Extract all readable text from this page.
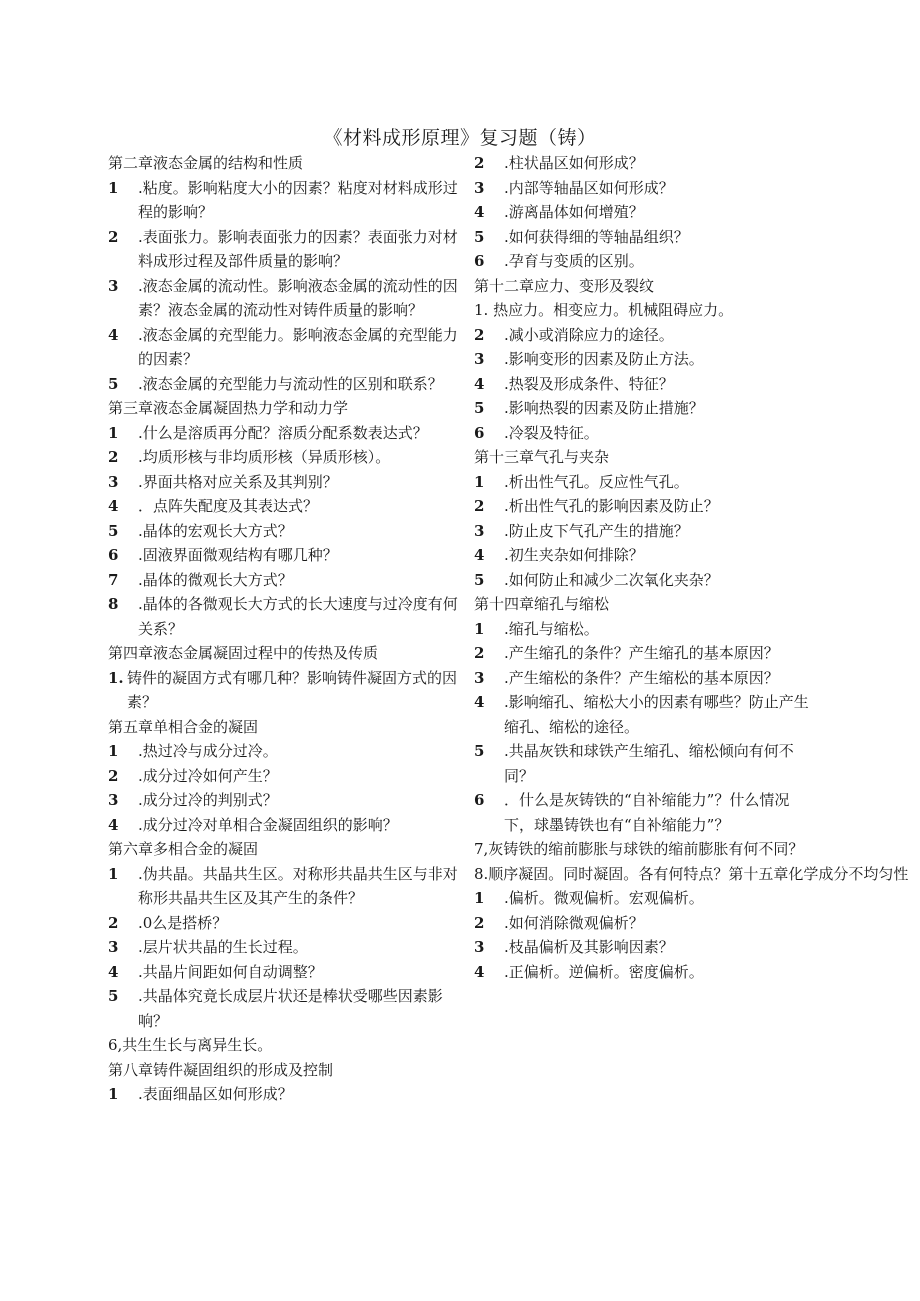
《材料成形原理》复习题（铸）
第二章液态金属的结构和性质
1 .粘度。影响粘度大小的因素？粘度对材料成形过程的影响？
2 .表面张力。影响表面张力的因素？表面张力对材料成形过程及部件质量的影响？
3 .液态金属的流动性。影响液态金属的流动性的因素？液态金属的流动性对铸件质量的影响？
4 .液态金属的充型能力。影响液态金属的充型能力的因素？
5 .液态金属的充型能力与流动性的区别和联系？
第三章液态金属凝固热力学和动力学
1 .什么是溶质再分配？溶质分配系数表达式？
2 .均质形核与非均质形核（异质形核）。
3 .界面共格对应关系及其判别？
4 ．点阵失配度及其表达式？
5 .晶体的宏观长大方式？
6 .固液界面微观结构有哪几种？
7 .晶体的微观长大方式？
8 .晶体的各微观长大方式的长大速度与过冷度有何关系？
第四章液态金属凝固过程中的传热及传质
1. 铸件的凝固方式有哪几种？影响铸件凝固方式的因素？
第五章单相合金的凝固
1 .热过冷与成分过冷。
2 .成分过冷如何产生？
3 .成分过冷的判别式？
4 .成分过冷对单相合金凝固组织的影响？
第六章多相合金的凝固
1 .伪共晶。共晶共生区。对称形共晶共生区与非对称形共晶共生区及其产生的条件？
2 .0么是搭桥？
3 .层片状共晶的生长过程。
4 .共晶片间距如何自动调整？
5 .共晶体究竟长成层片状还是棒状受哪些因素影响？
6,共生生长与离异生长。
第八章铸件凝固组织的形成及控制
1 .表面细晶区如何形成？
2 .柱状晶区如何形成？
3 .内部等轴晶区如何形成？
4 .游离晶体如何增殖？
5 .如何获得细的等轴晶组织？
6 .孕育与变质的区别。
第十二章应力、变形及裂纹
1. 热应力。相变应力。机械阻碍应力。
2 .减小或消除应力的途径。
3 .影响变形的因素及防止方法。
4 .热裂及形成条件、特征？
5 .影响热裂的因素及防止措施？
6 .冷裂及特征。
第十三章气孔与夹杂
1 .析出性气孔。反应性气孔。
2 .析出性气孔的影响因素及防止？
3 .防止皮下气孔产生的措施？
4 .初生夹杂如何排除？
5 .如何防止和减少二次氧化夹杂？
第十四章缩孔与缩松
1 .缩孔与缩松。
2 .产生缩孔的条件？产生缩孔的基本原因？
3 .产生缩松的条件？产生缩松的基本原因？
4 .影响缩孔、缩松大小的因素有哪些？防止产生缩孔、缩松的途径。
5 .共晶灰铁和球铁产生缩孔、缩松倾向有何不同？
6 ．什么是灰铸铁的“自补缩能力”？什么情况下，球墨铸铁也有“自补缩能力”？
7,灰铸铁的缩前膨胀与球铁的缩前膨胀有何不同？
8.顺序凝固。同时凝固。各有何特点？第十五章化学成分不均匀性
1 .偏析。微观偏析。宏观偏析。
2 .如何消除微观偏析？
3 .枝晶偏析及其影响因素？
4 .正偏析。逆偏析。密度偏析。
